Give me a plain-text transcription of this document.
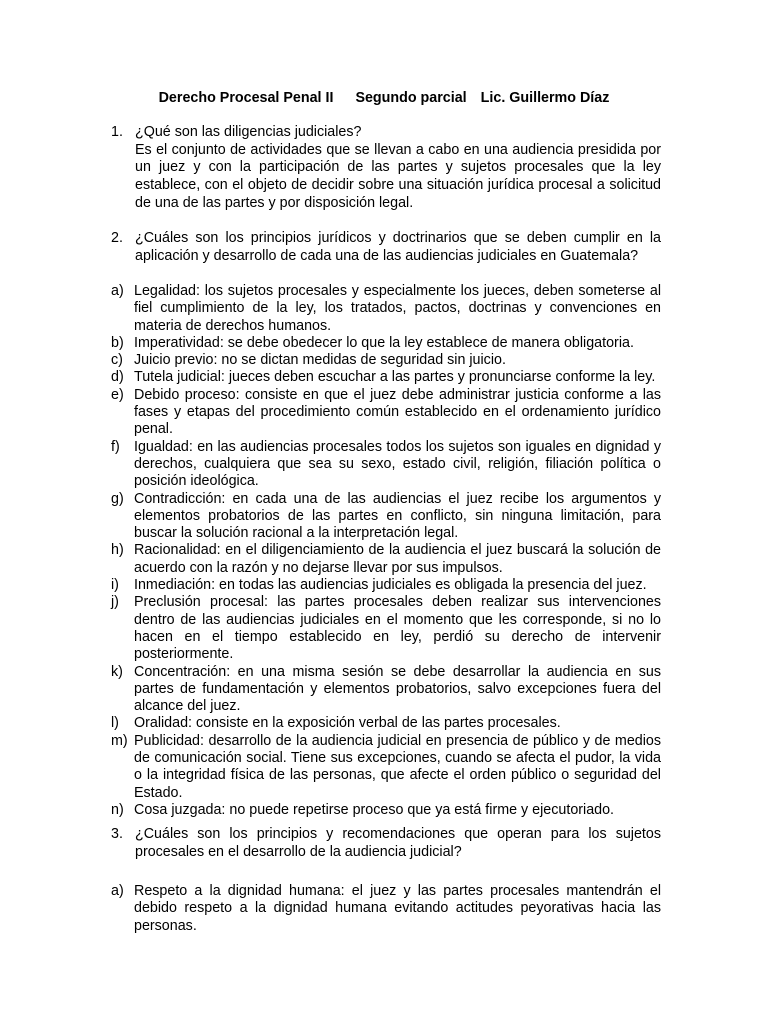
Derecho Procesal Penal II Segundo parcial Lic. Guillermo Díaz
1. ¿Qué son las diligencias judiciales?
Es el conjunto de actividades que se llevan a cabo en una audiencia presidida por un juez y con la participación de las partes y sujetos procesales que la ley establece, con el objeto de decidir sobre una situación jurídica procesal a solicitud de una de las partes y por disposición legal.
2. ¿Cuáles son los principios jurídicos y doctrinarios que se deben cumplir en la aplicación y desarrollo de cada una de las audiencias judiciales en Guatemala?
a) Legalidad: los sujetos procesales y especialmente los jueces, deben someterse al fiel cumplimiento de la ley, los tratados, pactos, doctrinas y convenciones en materia de derechos humanos.
b) Imperatividad: se debe obedecer lo que la ley establece de manera obligatoria.
c) Juicio previo: no se dictan medidas de seguridad sin juicio.
d) Tutela judicial: jueces deben escuchar a las partes y pronunciarse conforme la ley.
e) Debido proceso: consiste en que el juez debe administrar justicia conforme a las fases y etapas del procedimiento común establecido en el ordenamiento jurídico penal.
f) Igualdad: en las audiencias procesales todos los sujetos son iguales en dignidad y derechos, cualquiera que sea su sexo, estado civil, religión, filiación política o posición ideológica.
g) Contradicción: en cada una de las audiencias el juez recibe los argumentos y elementos probatorios de las partes en conflicto, sin ninguna limitación, para buscar la solución racional a la interpretación legal.
h) Racionalidad: en el diligenciamiento de la audiencia el juez buscará la solución de acuerdo con la razón y no dejarse llevar por sus impulsos.
i) Inmediación: en todas las audiencias judiciales es obligada la presencia del juez.
j) Preclusión procesal: las partes procesales deben realizar sus intervenciones dentro de las audiencias judiciales en el momento que les corresponde, si no lo hacen en el tiempo establecido en ley, perdió su derecho de intervenir posteriormente.
k) Concentración: en una misma sesión se debe desarrollar la audiencia en sus partes de fundamentación y elementos probatorios, salvo excepciones fuera del alcance del juez.
l) Oralidad: consiste en la exposición verbal de las partes procesales.
m) Publicidad: desarrollo de la audiencia judicial en presencia de público y de medios de comunicación social. Tiene sus excepciones, cuando se afecta el pudor, la vida o la integridad física de las personas, que afecte el orden público o seguridad del Estado.
n) Cosa juzgada: no puede repetirse proceso que ya está firme y ejecutoriado.
3. ¿Cuáles son los principios y recomendaciones que operan para los sujetos procesales en el desarrollo de la audiencia judicial?
a) Respeto a la dignidad humana: el juez y las partes procesales mantendrán el debido respeto a la dignidad humana evitando actitudes peyorativas hacia las personas.
